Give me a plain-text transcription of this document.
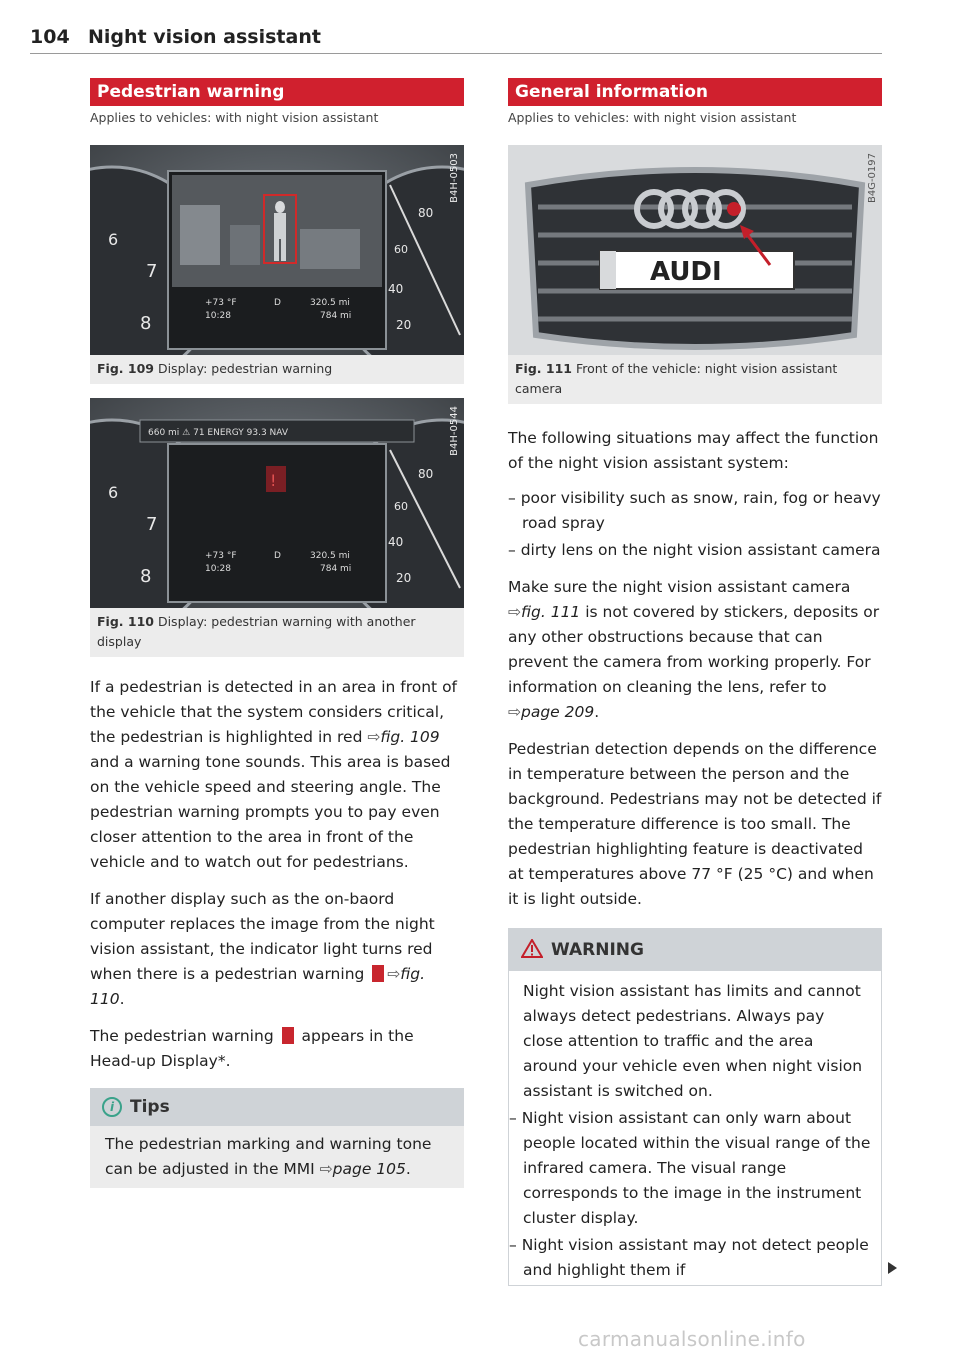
104 Night vision assistant
Pedestrian warning
Applies to vehicles: with night vision assistant
6
7
8
80
60
40
20
+73 °F
10:28
D	320.5 mi
784 mi
B4H-0503
Fig. 109 Display: pedestrian warning
660 mi ⚠ 71 ENERGY 93.3 NAV
!
6
7
8
80
60
40
20
+73 °F
10:28
D	320.5 mi
784 mi
B4H-0544
Fig. 110 Display: pedestrian warning with another display

If a pedestrian is detected in an area in front of the vehicle that the system considers critical, the pedestrian is highlighted in red ⇨fig. 109 and a warning tone sounds. This area is based on the vehicle speed and steering angle. The pedestrian warning prompts you to pay even closer attention to the area in front of the vehicle and to watch out for pedestrians.

If another display such as the on-baord computer replaces the image from the night vision assistant, the indicator light turns red when there is a pedestrian warning ⇨fig. 110.

The pedestrian warning  appears in the Head-up Display*.

i Tips
The pedestrian marking and warning tone can be adjusted in the MMI ⇨page 105.
General information
Applies to vehicles: with night vision assistant
AUDI
B4G-0197
Fig. 111 Front of the vehicle: night vision assistant camera

The following situations may affect the function of the night vision assistant system:

– poor visibility such as snow, rain, fog or heavy road spray
– dirty lens on the night vision assistant camera

Make sure the night vision assistant camera ⇨fig. 111 is not covered by stickers, deposits or any other obstructions because that can prevent the camera from working properly. For information on cleaning the lens, refer to ⇨page 209.

Pedestrian detection depends on the difference in temperature between the person and the background. Pedestrians may not be detected if the temperature difference is too small. The pedestrian highlighting feature is deactivated at temperatures above 77 °F (25 °C) and when it is light outside.

WARNING
Night vision assistant has limits and cannot always detect pedestrians. Always pay close attention to traffic and the area around your vehicle even when night vision assistant is switched on.
– Night vision assistant can only warn about people located within the visual range of the infrared camera. The visual range corresponds to the image in the instrument cluster display.
– Night vision assistant may not detect people and highlight them if
carmanualsonline.info
